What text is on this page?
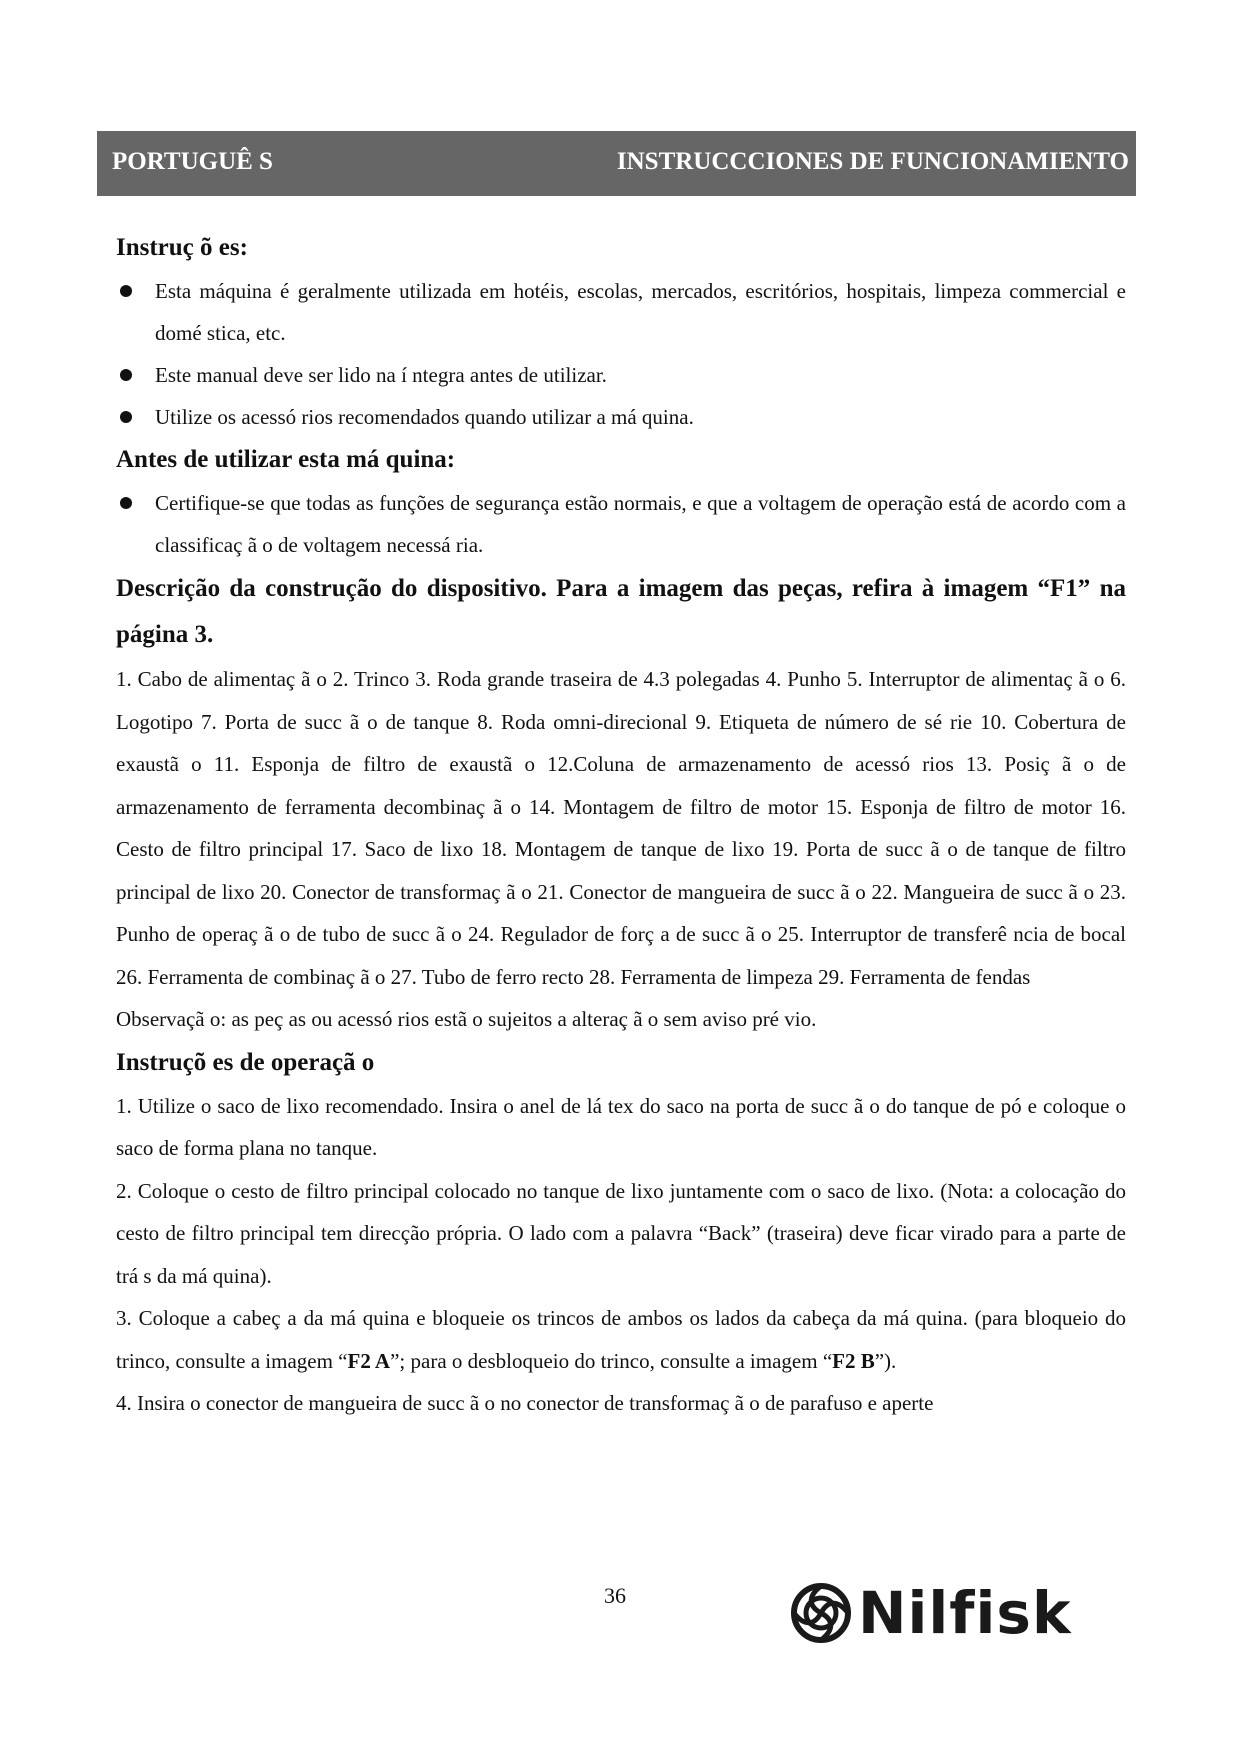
PORTUGUÊ S	INSTRUCCCIONES DE FUNCIONAMIENTO
Instruç õ es:
Esta máquina é geralmente utilizada em hotéis, escolas, mercados, escritórios, hospitais, limpeza commercial e domé stica, etc.
Este manual deve ser lido na í ntegra antes de utilizar.
Utilize os acessó rios recomendados quando utilizar a má quina.
Antes de utilizar esta má quina:
Certifique-se que todas as funções de segurança estão normais, e que a voltagem de operação está de acordo com a classificaç ã o de voltagem necessá ria.
Descrição da construção do dispositivo. Para a imagem das peças, refira à imagem “F1” na página 3.

1. Cabo de alimentaç ã o 2. Trinco 3. Roda grande traseira de 4.3 polegadas 4. Punho 5. Interruptor de alimentaç ã o 6. Logotipo 7. Porta de succ ã o de tanque 8. Roda omni-direcional 9. Etiqueta de número de sé rie 10. Cobertura de exaustã o 11. Esponja de filtro de exaustã o 12.Coluna de armazenamento de acessó rios 13. Posiç ã o de armazenamento de ferramenta decombinaç ã o 14. Montagem de filtro de motor 15. Esponja de filtro de motor 16. Cesto de filtro principal 17. Saco de lixo 18. Montagem de tanque de lixo 19. Porta de succ ã o de tanque de filtro principal de lixo 20. Conector de transformaç ã o 21. Conector de mangueira de succ ã o 22. Mangueira de succ ã o 23. Punho de operaç ã o de tubo de succ ã o 24. Regulador de forç a de succ ã o 25. Interruptor de transferê ncia de bocal 26. Ferramenta de combinaç ã o 27. Tubo de ferro recto 28. Ferramenta de limpeza 29. Ferramenta de fendas

Observaçã o: as peç as ou acessó rios estã o sujeitos a alteraç ã o sem aviso pré vio.

Instruçõ es de operaçã o

1. Utilize o saco de lixo recomendado. Insira o anel de lá tex do saco na porta de succ ã o do tanque de pó e coloque o saco de forma plana no tanque.

2. Coloque o cesto de filtro principal colocado no tanque de lixo juntamente com o saco de lixo. (Nota: a colocação do cesto de filtro principal tem direcção própria. O lado com a palavra “Back” (traseira) deve ficar virado para a parte de trá s da má quina).

3. Coloque a cabeç a da má quina e bloqueie os trincos de ambos os lados da cabeça da má quina. (para bloqueio do trinco, consulte a imagem “F2 A”; para o desbloqueio do trinco, consulte a imagem “F2 B”).

4. Insira o conector de mangueira de succ ã o no conector de transformaç ã o de parafuso e aperte

36	Nilfisk
